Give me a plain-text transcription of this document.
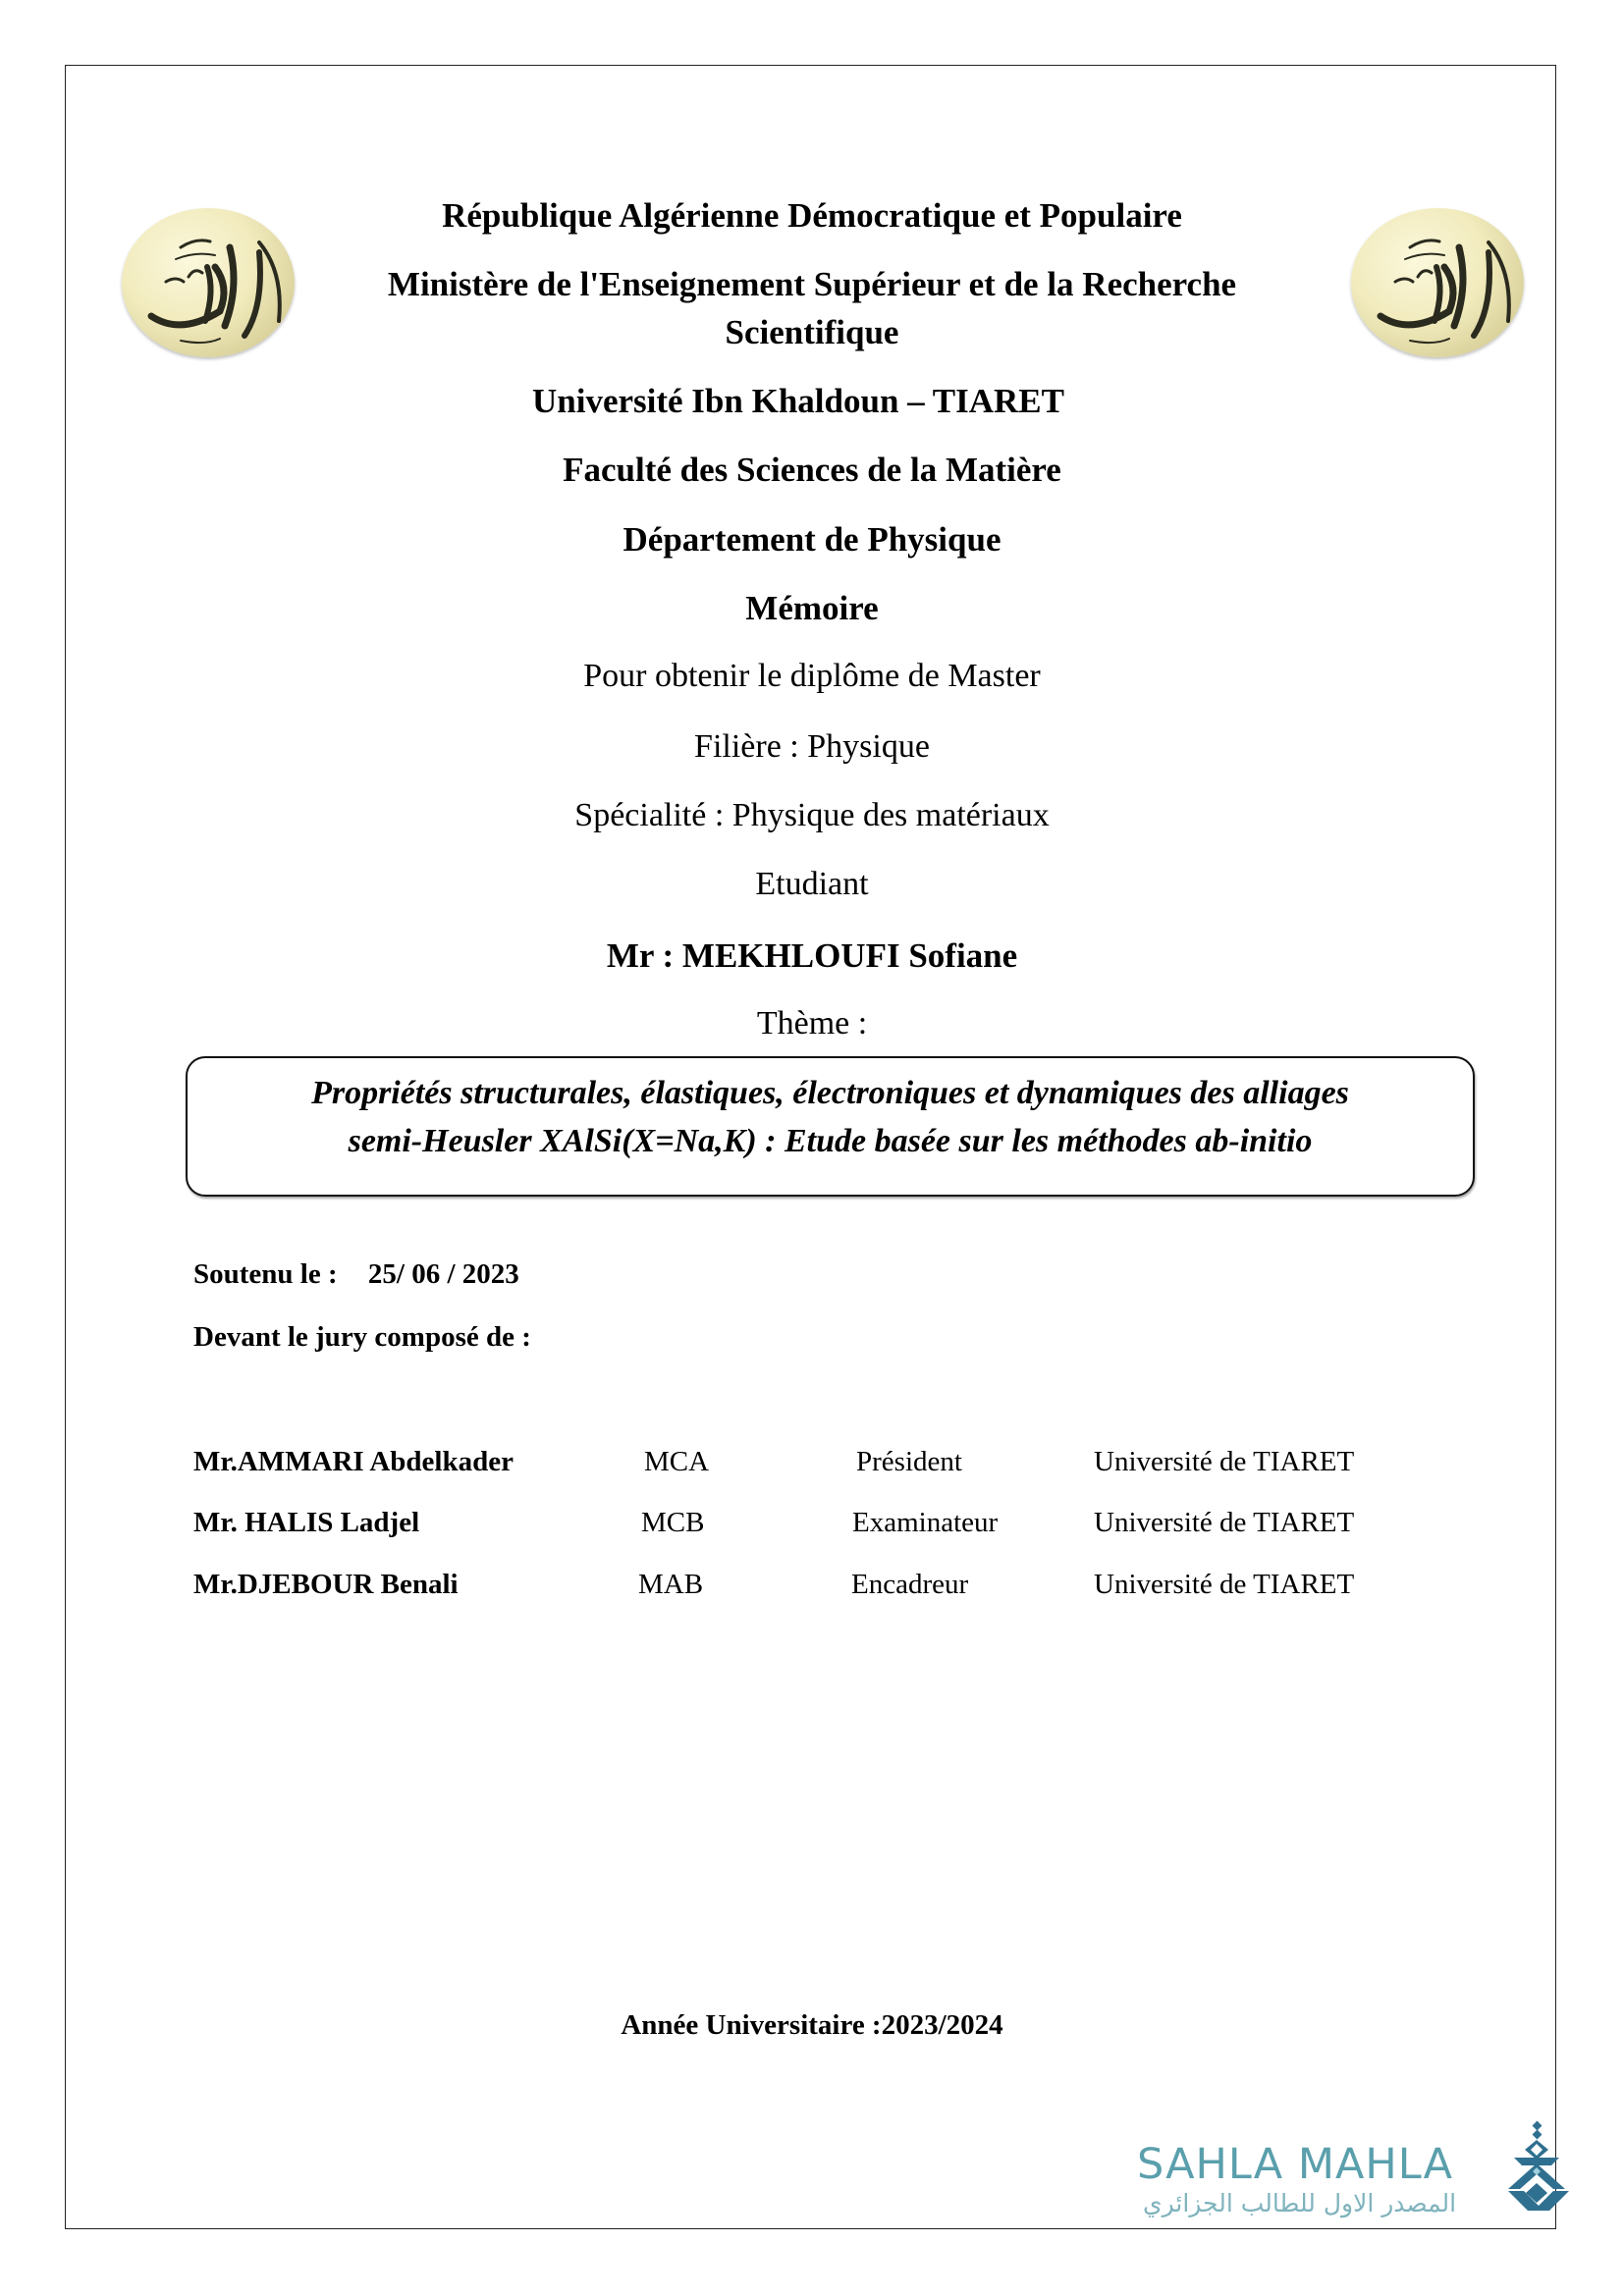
République Algérienne Démocratique et Populaire
Ministère de l'Enseignement Supérieur et de la Recherche
Scientifique
Université Ibn Khaldoun – TIARET
Faculté des Sciences de la Matière
Département de Physique
Mémoire
Pour obtenir le diplôme de Master
Filière : Physique
Spécialité : Physique des matériaux
Etudiant
Mr : MEKHLOUFI Sofiane
Thème :
Propriétés structurales, élastiques, électroniques et dynamiques des alliages
semi-Heusler XAlSi(X=Na,K) : Etude basée sur les méthodes ab-initio
Soutenu le : 25/ 06 / 2023
Devant le jury composé de :
Mr.AMMARI Abdelkader	MCA	Président	Université de TIARET
Mr. HALIS Ladjel	MCB	Examinateur	Université de TIARET
Mr.DJEBOUR Benali	MAB	Encadreur	Université de TIARET
Année Universitaire :2023/2024
SAHLA MAHLA
المصدر الاول للطالب الجزائري
